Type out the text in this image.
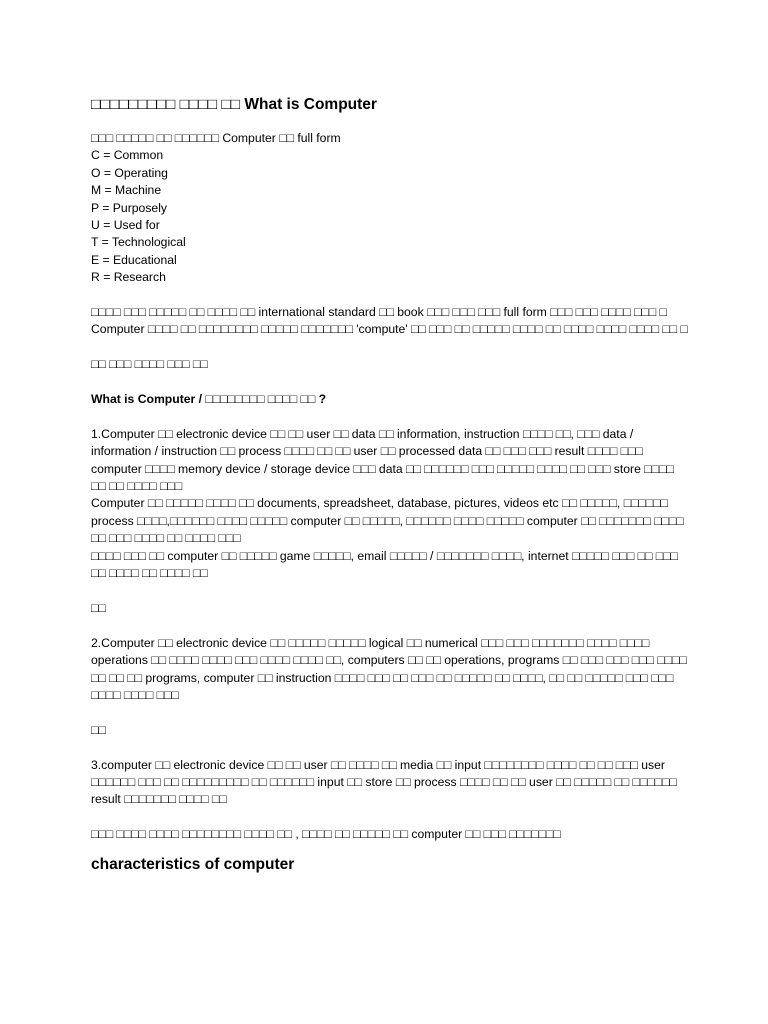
□□□□□□□□□ □□□□ □□ What is Computer
□□□ □□□□□ □□ □□□□□□ Computer □□ full form
C = Common
O = Operating
M = Machine
P = Purposely
U = Used for
T = Technological
E = Educational
R = Research
□□□□ □□□ □□□□□ □□ □□□□ □□ international standard □□ book □□□ □□□ □□□ full form □□□ □□□ □□□□ □□□ □
Computer □□□□ □□ □□□□□□□□ □□□□□ □□□□□□□ 'compute' □□ □□□ □□ □□□□□ □□□□ □□ □□□□ □□□□ □□□□ □□ □
□□ □□□ □□□□ □□□ □□
What is Computer / □□□□□□□□ □□□□ □□ ?
1.Computer □□ electronic device □□ □□ user □□ data □□ information, instruction □□□□ □□, □□□ data / information / instruction □□ process □□□□ □□ □□ user □□ processed data □□ □□□ □□□ result □□□□ □□□ computer □□□□ memory device / storage device □□□ data □□ □□□□□□ □□□ □□□□□ □□□□ □□ □□□ store □□□□ □□ □□ □□□□ □□□
Computer □□ □□□□□ □□□□ □□ documents, spreadsheet, database, pictures, videos etc □□ □□□□□, □□□□□□ process □□□□,□□□□□□ □□□□ □□□□□ computer □□ □□□□□, □□□□□□ □□□□ □□□□□ computer □□ □□□□□□□ □□□□ □□ □□□ □□□□ □□ □□□□ □□□
□□□□ □□□ □□ computer □□ □□□□□ game □□□□□, email □□□□□ / □□□□□□□ □□□□, internet □□□□□ □□□ □□ □□□ □□ □□□□ □□ □□□□ □□
□□
2.Computer □□ electronic device □□ □□□□□ □□□□□ logical □□ numerical □□□ □□□ □□□□□□□ □□□□ □□□□ operations □□ □□□□ □□□□ □□□ □□□□ □□□□ □□, computers □□ □□ operations, programs □□ □□□ □□□ □□□ □□□□ □□ □□ □□ programs, computer □□ instruction □□□□ □□□ □□ □□□ □□ □□□□□ □□ □□□□, □□ □□ □□□□□ □□□ □□□ □□□□ □□□□ □□□
□□
3.computer □□ electronic device □□ □□ user □□ □□□□ □□ media □□ input □□□□□□□□ □□□□ □□ □□ □□□ user □□□□□□ □□□ □□ □□□□□□□□□ □□ □□□□□□ input □□ store □□ process □□□□ □□ □□ user □□ □□□□□ □□ □□□□□□ result □□□□□□□ □□□□ □□
□□□ □□□□ □□□□ □□□□□□□□ □□□□ □□ , □□□□ □□ □□□□□ □□ computer □□ □□□ □□□□□□□
characteristics of computer
